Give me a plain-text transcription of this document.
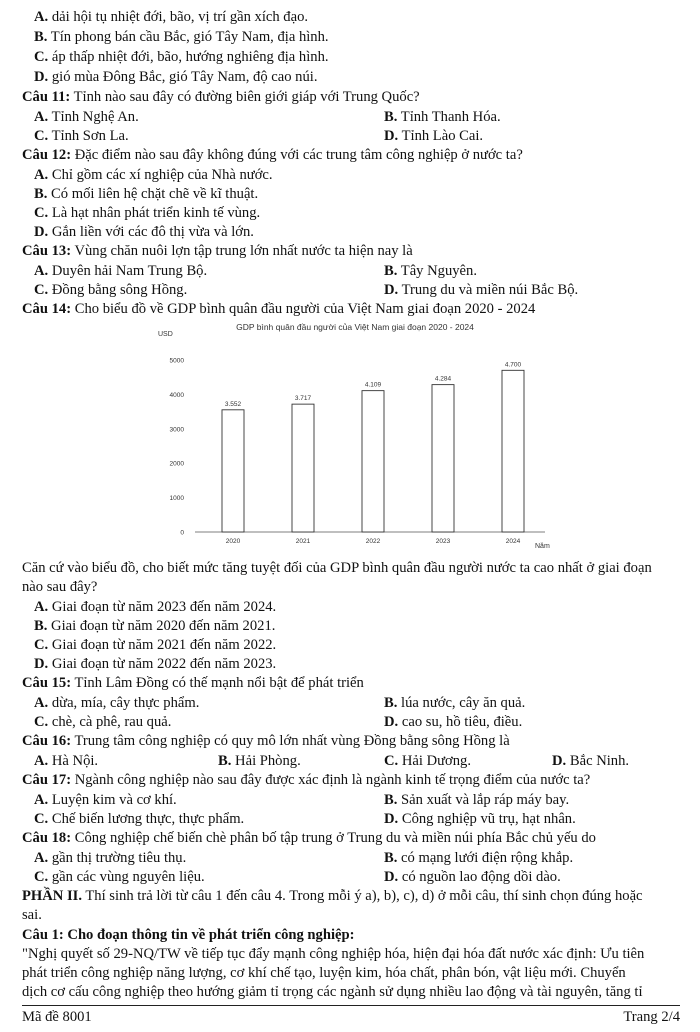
A. dải hội tụ nhiệt đới, bão, vị trí gần xích đạo.
B. Tín phong bán cầu Bắc, gió Tây Nam, địa hình.
C. áp thấp nhiệt đới, bão, hướng nghiêng địa hình.
D. gió mùa Đông Bắc, gió Tây Nam, độ cao núi.
Câu 11: Tỉnh nào sau đây có đường biên giới giáp với Trung Quốc?
A. Tỉnh Nghệ An.	B. Tỉnh Thanh Hóa.
C. Tỉnh Sơn La.	D. Tỉnh Lào Cai.
Câu 12: Đặc điểm nào sau đây không đúng với các trung tâm công nghiệp ở nước ta?
A. Chỉ gồm các xí nghiệp của Nhà nước.
B. Có mối liên hệ chặt chẽ về kĩ thuật.
C. Là hạt nhân phát triển kinh tế vùng.
D. Gắn liền với các đô thị vừa và lớn.
Câu 13: Vùng chăn nuôi lợn tập trung lớn nhất nước ta hiện nay là
A. Duyên hải Nam Trung Bộ.	B. Tây Nguyên.
C. Đồng bằng sông Hồng.	D. Trung du và miền núi Bắc Bộ.
Câu 14: Cho biểu đồ về GDP bình quân đầu người của Việt Nam giai đoạn 2020 - 2024
GDP bình quân đầu người của Việt Nam giai đoạn 2020 - 2024
USD
Năm
0
1000
2000
3000
4000
5000
3.552
2020
3.717
2021
4.109
2022
4.284
2023
4.700
2024
Căn cứ vào biểu đồ, cho biết mức tăng tuyệt đối của GDP bình quân đầu người nước ta cao nhất ở giai đoạn
nào sau đây?
A. Giai đoạn từ năm 2023 đến năm 2024.
B. Giai đoạn từ năm 2020 đến năm 2021.
C. Giai đoạn từ năm 2021 đến năm 2022.
D. Giai đoạn từ năm 2022 đến năm 2023.
Câu 15: Tỉnh Lâm Đồng có thế mạnh nổi bật để phát triển
A. dừa, mía, cây thực phẩm.	B. lúa nước, cây ăn quả.
C. chè, cà phê, rau quả.	D. cao su, hồ tiêu, điều.
Câu 16: Trung tâm công nghiệp có quy mô lớn nhất vùng Đồng bằng sông Hồng là
A. Hà Nội.	B. Hải Phòng.	C. Hải Dương.	D. Bắc Ninh.
Câu 17: Ngành công nghiệp nào sau đây được xác định là ngành kinh tế trọng điểm của nước ta?
A. Luyện kim và cơ khí.	B. Sản xuất và lắp ráp máy bay.
C. Chế biến lương thực, thực phẩm.	D. Công nghiệp vũ trụ, hạt nhân.
Câu 18: Công nghiệp chế biến chè phân bố tập trung ở Trung du và miền núi phía Bắc chủ yếu do
A. gần thị trường tiêu thụ.	B. có mạng lưới điện rộng khắp.
C. gần các vùng nguyên liệu.	D. có nguồn lao động dồi dào.
PHẦN II. Thí sinh trả lời từ câu 1 đến câu 4. Trong mỗi ý a), b), c), d) ở mỗi câu, thí sinh chọn đúng hoặc
sai.
Câu 1: Cho đoạn thông tin về phát triển công nghiệp:
"Nghị quyết số 29-NQ/TW về tiếp tục đẩy mạnh công nghiệp hóa, hiện đại hóa đất nước xác định: Ưu tiên
phát triển công nghiệp năng lượng, cơ khí chế tạo, luyện kim, hóa chất, phân bón, vật liệu mới. Chuyển
dịch cơ cấu công nghiệp theo hướng giảm tỉ trọng các ngành sử dụng nhiều lao động và tài nguyên, tăng tỉ
Mã đề 8001	Trang 2/4
